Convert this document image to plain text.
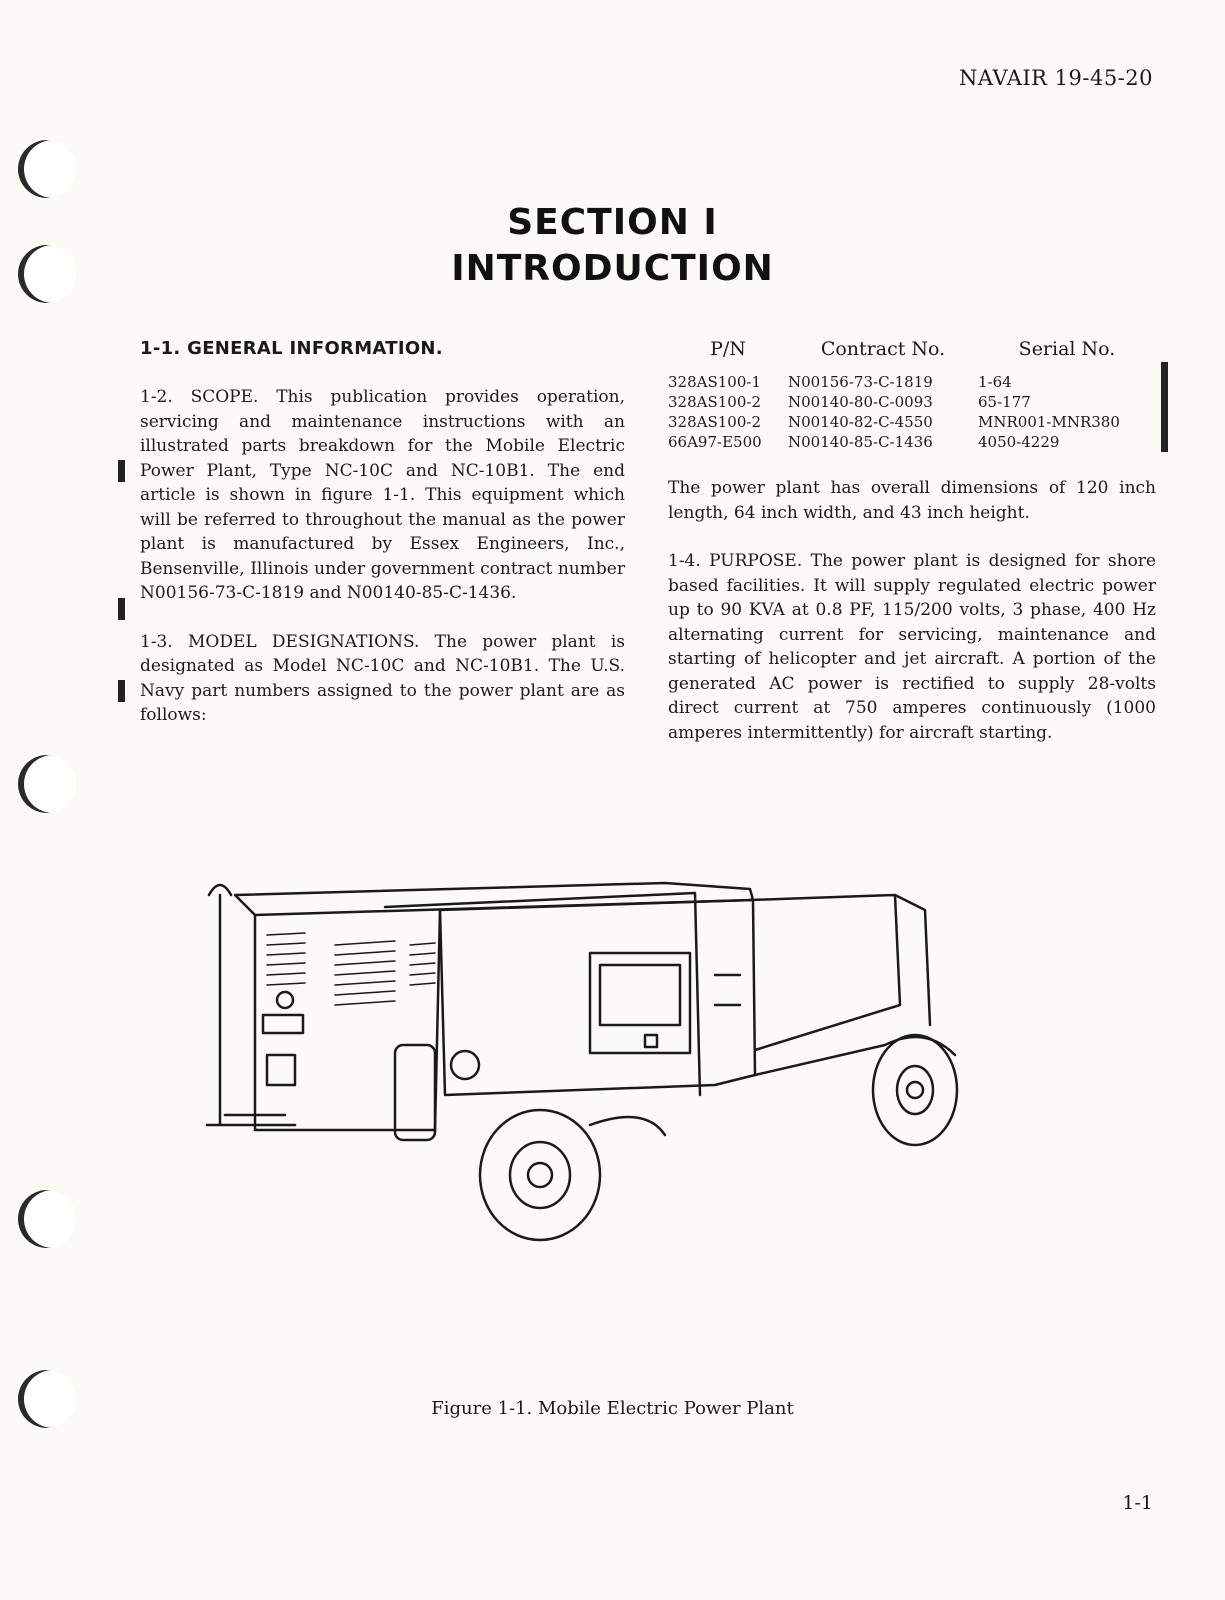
NAVAIR 19-45-20
SECTION I
INTRODUCTION
1-1. GENERAL INFORMATION.

1-2. SCOPE. This publication provides operation, servicing and maintenance instructions with an illustrated parts breakdown for the Mobile Electric Power Plant, Type NC-10C and NC-10B1. The end article is shown in figure 1-1. This equipment which will be referred to throughout the manual as the power plant is manufactured by Essex Engineers, Inc., Bensenville, Illinois under government contract number N00156-73-C-1819 and N00140-85-C-1436.

1-3. MODEL DESIGNATIONS. The power plant is designated as Model NC-10C and NC-10B1. The U.S. Navy part numbers assigned to the power plant are as follows:

P/N	Contract No.	Serial No.
328AS100-1	N00156-73-C-1819	1-64
328AS100-2	N00140-80-C-0093	65-177
328AS100-2	N00140-82-C-4550	MNR001-MNR380
66A97-E500	N00140-85-C-1436	4050-4229

The power plant has overall dimensions of 120 inch length, 64 inch width, and 43 inch height.

1-4. PURPOSE. The power plant is designed for shore based facilities. It will supply regulated electric power up to 90 KVA at 0.8 PF, 115/200 volts, 3 phase, 400 Hz alternating current for servicing, maintenance and starting of helicopter and jet aircraft. A portion of the generated AC power is rectified to supply 28-volts direct current at 750 amperes continuously (1000 amperes intermittently) for aircraft starting.

Figure 1-1. Mobile Electric Power Plant
1-1
